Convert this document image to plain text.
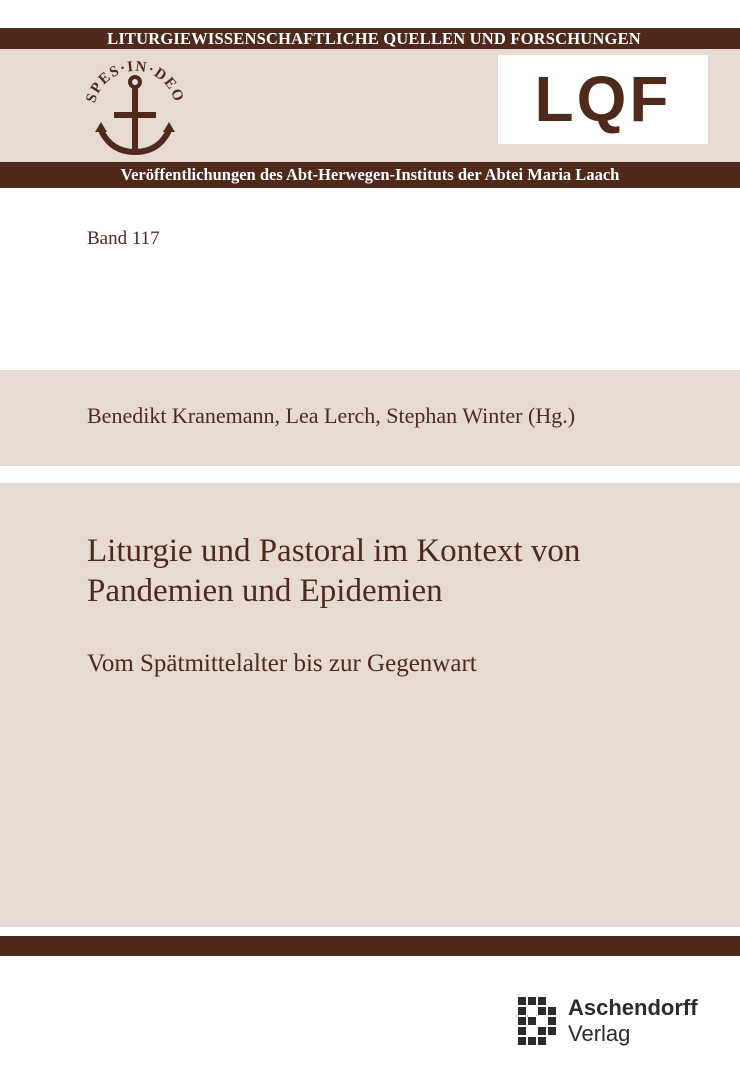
LITURGIEWISSENSCHAFTLICHE QUELLEN UND FORSCHUNGEN
SPES·IN·DEO	LQF
Veröffentlichungen des Abt-Herwegen-Instituts der Abtei Maria Laach
Band 117
Benedikt Kranemann, Lea Lerch, Stephan Winter (Hg.)
Liturgie und Pastoral im Kontext von Pandemien und Epidemien
Vom Spätmittelalter bis zur Gegenwart
Aschendorff
Verlag
